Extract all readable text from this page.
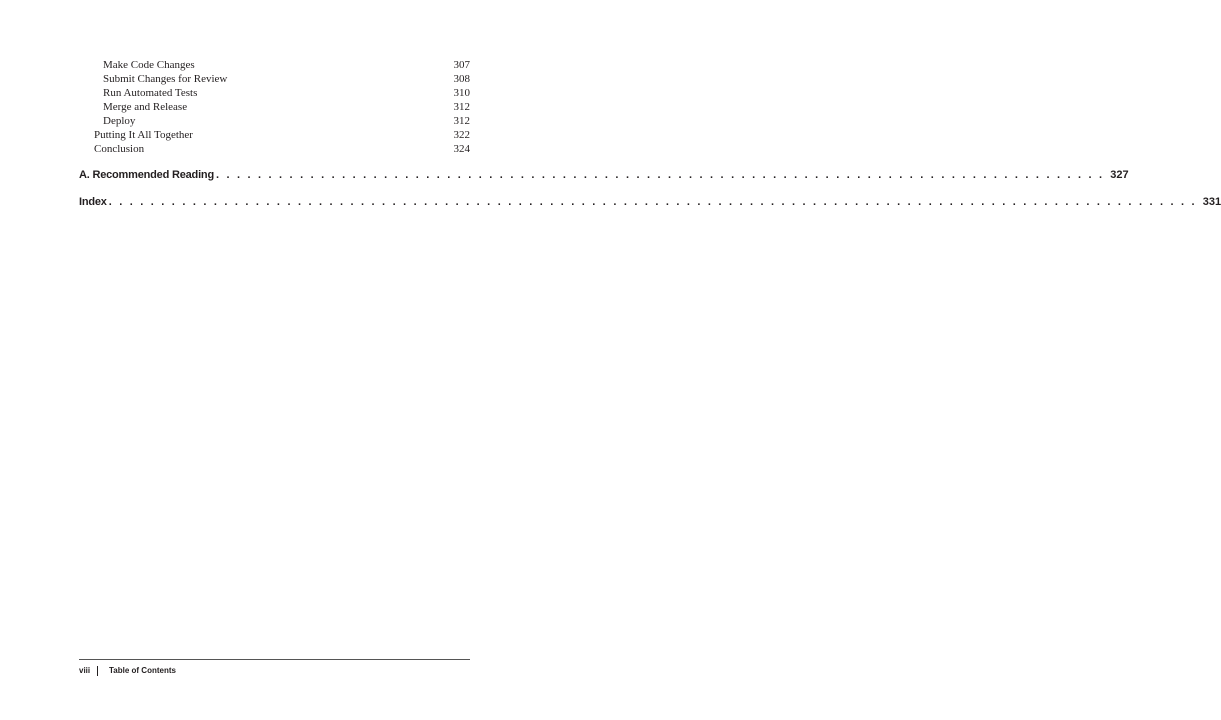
Make Code Changes	307
Submit Changes for Review	308
Run Automated Tests	310
Merge and Release	312
Deploy	312
Putting It All Together	322
Conclusion	324
A. Recommended Reading . . . . . . . . . . . . . . . . . . . . . . . . . . . . . . . . . . . . . . . . . . . . . . . . . . . . . . . . . . . . . . . . . . . . . . . . . . . . . . . . . . . . . 327
Index . . . . . . . . . . . . . . . . . . . . . . . . . . . . . . . . . . . . . . . . . . . . . . . . . . . . . . . . . . . . . . . . . . . . . . . . . . . . . . . . . . . . . . . . . . . . . . . . . . . . . . . . 331
viii Table of Contents
